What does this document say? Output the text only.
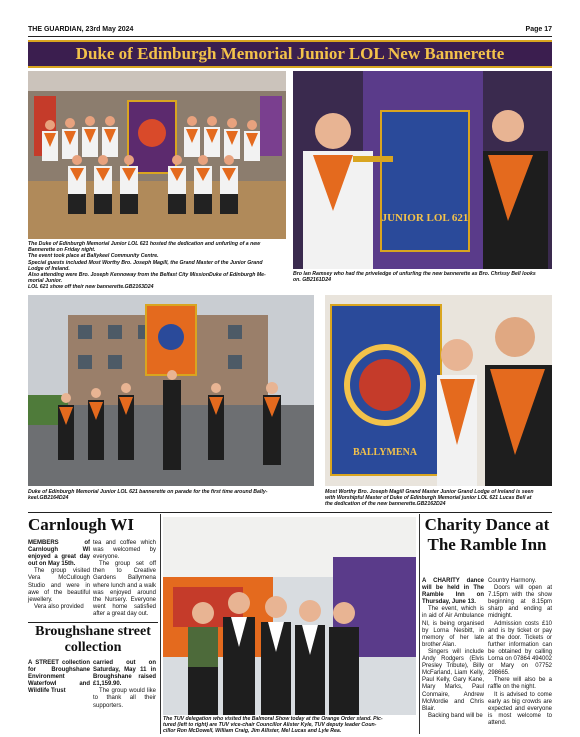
THE GUARDIAN, 23rd May 2024	Page 17
Duke of Edinburgh Memorial Junior LOL New Bannerette

The Duke of Edinburgh Memorial Junior LOL 621 hosted the dedication and unfurling of a new

Bannerette on Friday night.

The event took place at Ballykeel Community Centre.

Special guests included Most Worthy Bro. Joseph Magill, the Grand Master of the Junior Grand

Lodge of Ireland.

Also attending were Bro. Joseph Kennoway from the Belfast City MissionDuke of Edinburgh Me-

morial Junior.

LOL 621 show off their new bannerette.GB2163D24

JUNIOR LOL 621

Bro Ian Ramsey who had the priveledge of unfurling the new bannerette as Bro. Chrissy Bell looks

on. GB2161D24

Duke of Edinburgh Memorial Junior LOL 621 bannerette on parade for the first time around Bally-

keel.GB2164D24

BALLYMENA

Most Worthy Bro. Joseph Magill Grand Master Junior Grand Lodge of Ireland is seen

with Worshipful Master of Duke of Edinburgh Memorial junior LOL 621 Lucas Bell at

the dedication of the new bannerette.GB2162D24

Carnlough WI

MEMBERS of Carnlough WI enjoyed a great day out on May 15th.

The group visited Vera McCullough Studio and were in awe of the beautiful jewellery.

Vera also provided

tea and coffee which was welcomed by everyone.

The group set off then to Creative Gardens Ballymena where lunch and a walk was enjoyed around the Nursery. Everyone went home satisfied after a great day out.

Broughshane street collection

A STREET collection for Broughshane Environment Waterfowl and Wildlife Trust

carried out on Saturday, May 11 in Broughshane raised £1,159.90.

The group would like to thank all their supporters.

The TUV delegation who visited the Balmoral Show today at the Orange Order stand. Pic-

tured (left to right) are TUV vice-chair Councillor Alister Kyle, TUV deputy leader Coun-

cillor Ron McDowell, William Craig, Jim Allister, Mel Lucas and Lyle Rea.

Charity Dance at The Ramble Inn

A CHARITY dance will be held in The Ramble Inn on Thursday, June 13.

The event, which is in aid of Air Ambulance NI, is being organised by Lorna Nesbitt, in memory of her late brother Alan.

Singers will include Andy Rodgers (Elvis Presley Tribute), Billy McFarland, Liam Kelly, Paul Kelly, Gary Kane, Mary Marks, Paul Conmaire, Andrew McMordie and Chris Blair.

Backing band will be

Country Harmony.

Doors will open at 7.15pm with the show beginning at 8.15pm sharp and ending at midnight.

Admission costs £10 and is by ticket or pay at the door. Tickets or further information can be obtained by calling Lorna on 07864 494002 or Mary on 07752 298665.

There will also be a raffle on the night.

It is advised to come early as big crowds are expected and everyone is most welcome to attend.
